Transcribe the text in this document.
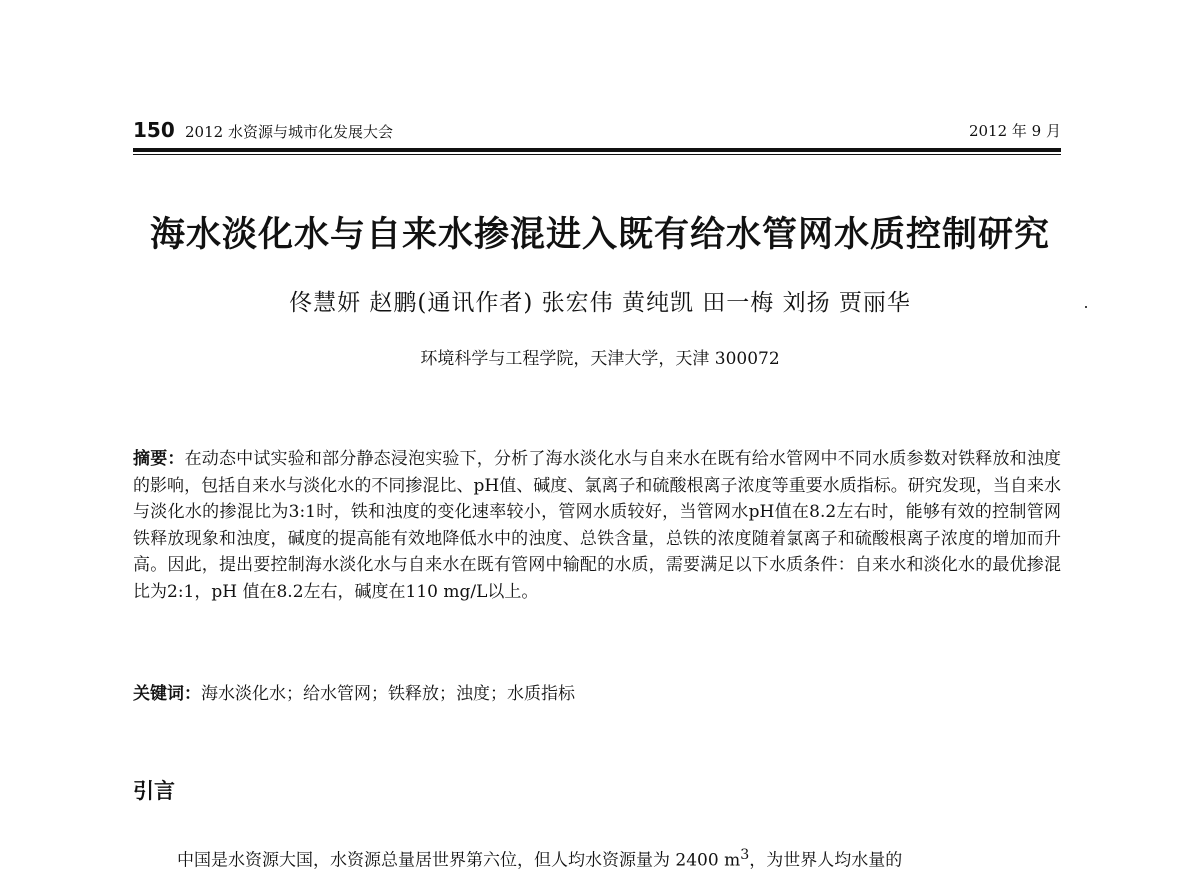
150 2012 水资源与城市化发展大会	2012 年 9 月
海水淡化水与自来水掺混进入既有给水管网水质控制研究
佟慧妍 赵鹏(通讯作者) 张宏伟 黄纯凯 田一梅 刘扬 贾丽华
环境科学与工程学院，天津大学，天津 300072
摘要：在动态中试实验和部分静态浸泡实验下，分析了海水淡化水与自来水在既有给水管网中不同水质参数对铁释放和浊度的影响，包括自来水与淡化水的不同掺混比、pH值、碱度、氯离子和硫酸根离子浓度等重要水质指标。研究发现，当自来水与淡化水的掺混比为3:1时，铁和浊度的变化速率较小，管网水质较好，当管网水pH值在8.2左右时，能够有效的控制管网铁释放现象和浊度，碱度的提高能有效地降低水中的浊度、总铁含量，总铁的浓度随着氯离子和硫酸根离子浓度的增加而升高。因此，提出要控制海水淡化水与自来水在既有管网中输配的水质，需要满足以下水质条件：自来水和淡化水的最优掺混比为2:1，pH 值在8.2左右，碱度在110 mg/L以上。
关键词：海水淡化水；给水管网；铁释放；浊度；水质指标
引言
中国是水资源大国，水资源总量居世界第六位，但人均水资源量为 2400 $m^3$，为世界人均水量的
